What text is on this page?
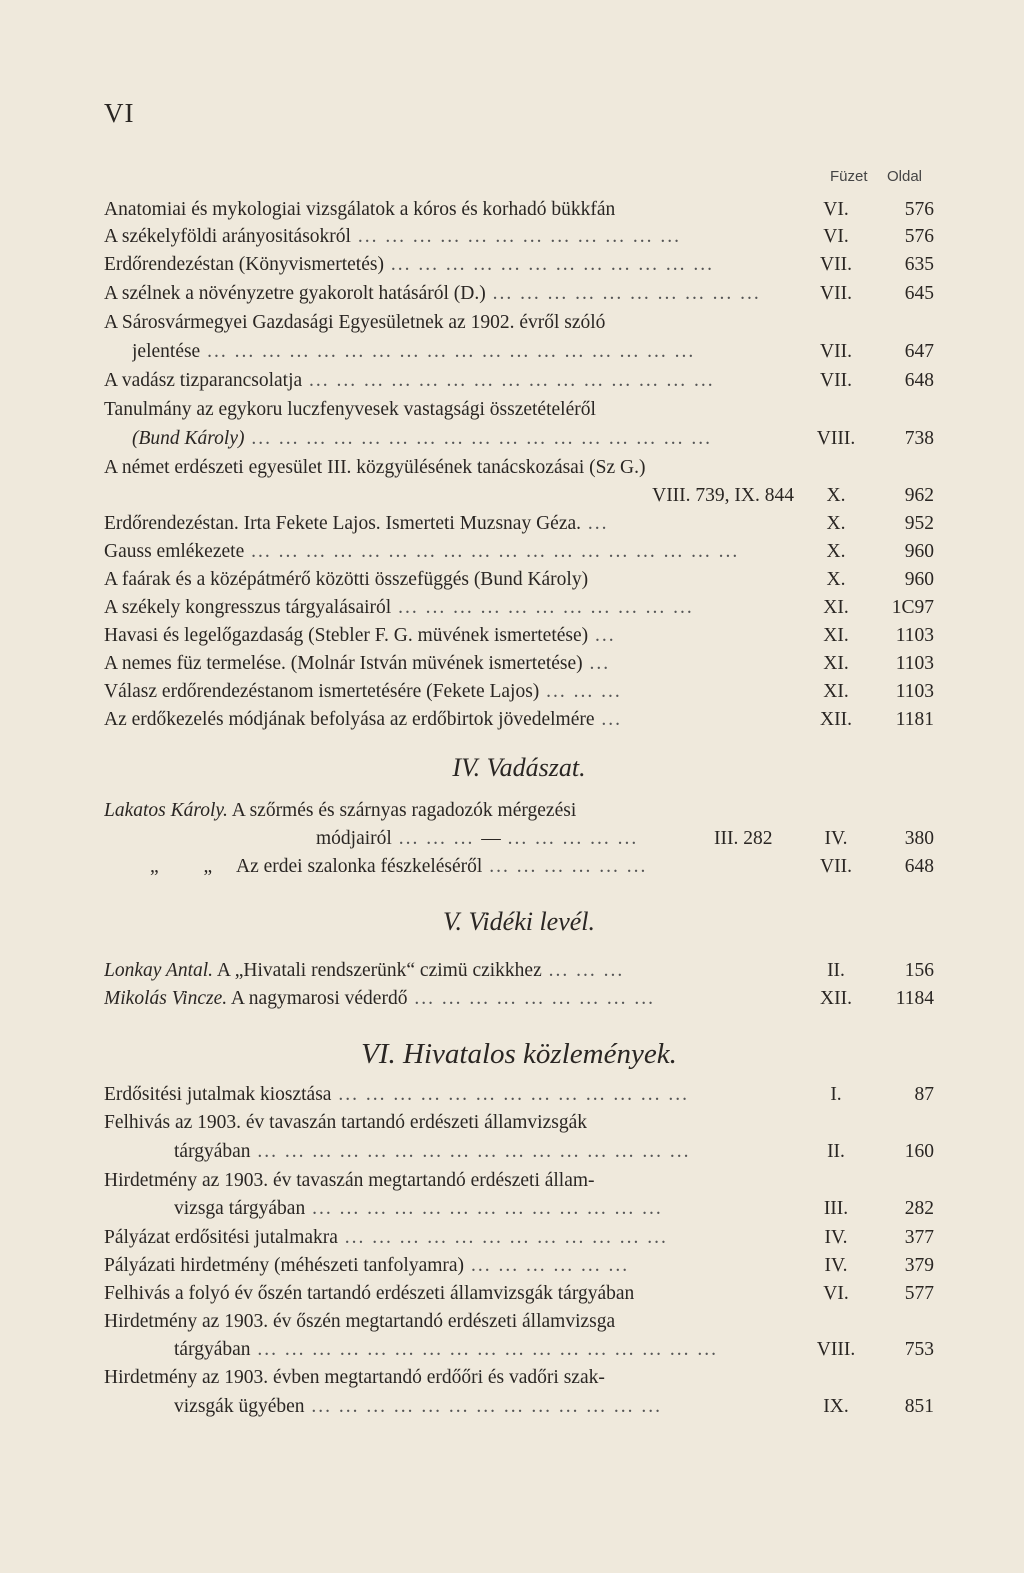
VI
Füzet Oldal
Anatomiai és mykologiai vizsgálatok a kóros és korhadó bükkfán	VI.	576
A székelyföldi arányositásokról ... ... ... ... ... ... ... ... ... ... ... ...	VI.	576
Erdőrendezéstan (Könyvismertetés) ... ... ... ... ... ... ... ... ... ... ... ...	VII.	635
A szélnek a növényzetre gyakorolt hatásáról (D.) ... ... ... ... ... ... ... ... ... ...	VII.	645
A Sárosvármegyei Gazdasági Egyesületnek az 1902. évről szóló
jelentése ... ... ... ... ... ... ... ... ... ... ... ... ... ... ... ... ... ...	VII.	647
A vadász tizparancsolatja ... ... ... ... ... ... ... ... ... ... ... ... ... ... ...	VII.	648
Tanulmány az egykoru luczfenyvesek vastagsági összetételéről
(Bund Károly) ... ... ... ... ... ... ... ... ... ... ... ... ... ... ... ... ...	VIII.	738
A német erdészeti egyesület III. közgyülésének tanácskozásai (Sz G.)
VIII. 739, IX. 844	X.	962
Erdőrendezéstan. Irta Fekete Lajos. Ismerteti Muzsnay Géza. ...	X.	952
Gauss emlékezete ... ... ... ... ... ... ... ... ... ... ... ... ... ... ... ... ... ...	X.	960
A faárak és a középátmérő közötti összefüggés (Bund Károly)	X.	960
A székely kongresszus tárgyalásairól ... ... ... ... ... ... ... ... ... ... ...	XI.	1C97
Havasi és legelőgazdaság (Stebler F. G. müvének ismertetése) ...	XI.	1103
A nemes füz termelése. (Molnár István müvének ismertetése) ...	XI.	1103
Válasz erdőrendezéstanom ismertetésére (Fekete Lajos) ... ... ...	XI.	1103
Az erdőkezelés módjának befolyása az erdőbirtok jövedelmére ...	XII.	1181
IV. Vadászat.
Lakatos Károly. A szőrmés és szárnyas ragadozók mérgezési
módjairól ... ... ... — ... ... ... ... ...	III. 282	IV.	380
„ „ Az erdei szalonka fészkeléséről ... ... ... ... ... ...	VII.	648
V. Vidéki levél.
Lonkay Antal. A „Hivatali rendszerünk“ czimü czikkhez ... ... ...	II.	156
Mikolás Vincze. A nagymarosi véderdő ... ... ... ... ... ... ... ... ...	XII.	1184
VI. Hivatalos közlemények.
Erdősitési jutalmak kiosztása ... ... ... ... ... ... ... ... ... ... ... ... ...	I.	87
Felhivás az 1903. év tavaszán tartandó erdészeti államvizsgák
tárgyában ... ... ... ... ... ... ... ... ... ... ... ... ... ... ... ...	II.	160
Hirdetmény az 1903. év tavaszán megtartandó erdészeti állam-
vizsga tárgyában ... ... ... ... ... ... ... ... ... ... ... ... ...	III.	282
Pályázat erdősitési jutalmakra ... ... ... ... ... ... ... ... ... ... ... ...	IV.	377
Pályázati hirdetmény (méhészeti tanfolyamra) ... ... ... ... ... ...	IV.	379
Felhivás a folyó év őszén tartandó erdészeti államvizsgák tárgyában	VI.	577
Hirdetmény az 1903. év őszén megtartandó erdészeti államvizsga
tárgyában ... ... ... ... ... ... ... ... ... ... ... ... ... ... ... ... ...	VIII.	753
Hirdetmény az 1903. évben megtartandó erdőőri és vadőri szak-
vizsgák ügyében ... ... ... ... ... ... ... ... ... ... ... ... ...	IX.	851
